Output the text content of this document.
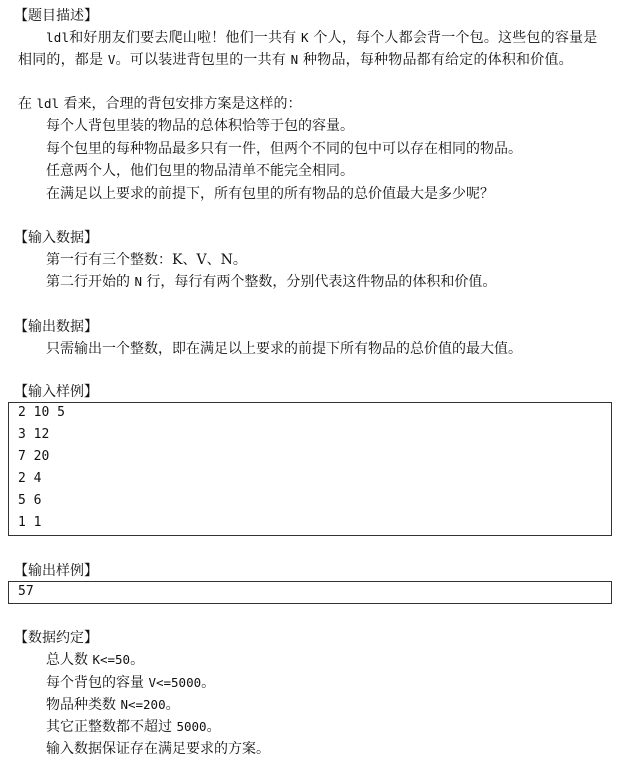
【题目描述】
ldl和好朋友们要去爬山啦！他们一共有 K 个人，每个人都会背一个包。这些包的容量是相同的，都是 V。可以装进背包里的一共有 N 种物品，每种物品都有给定的体积和价值。
在 ldl 看来，合理的背包安排方案是这样的：
每个人背包里装的物品的总体积恰等于包的容量。
每个包里的每种物品最多只有一件，但两个不同的包中可以存在相同的物品。
任意两个人，他们包里的物品清单不能完全相同。
在满足以上要求的前提下，所有包里的所有物品的总价值最大是多少呢？
【输入数据】
第一行有三个整数：K、V、N。
第二行开始的 N 行，每行有两个整数，分别代表这件物品的体积和价值。
【输出数据】
只需输出一个整数，即在满足以上要求的前提下所有物品的总价值的最大值。
【输入样例】
2 10 5
3 12
7 20
2 4
5 6
1 1
【输出样例】
57
【数据约定】
总人数 K<=50。
每个背包的容量 V<=5000。
物品种类数 N<=200。
其它正整数都不超过 5000。
输入数据保证存在满足要求的方案。
